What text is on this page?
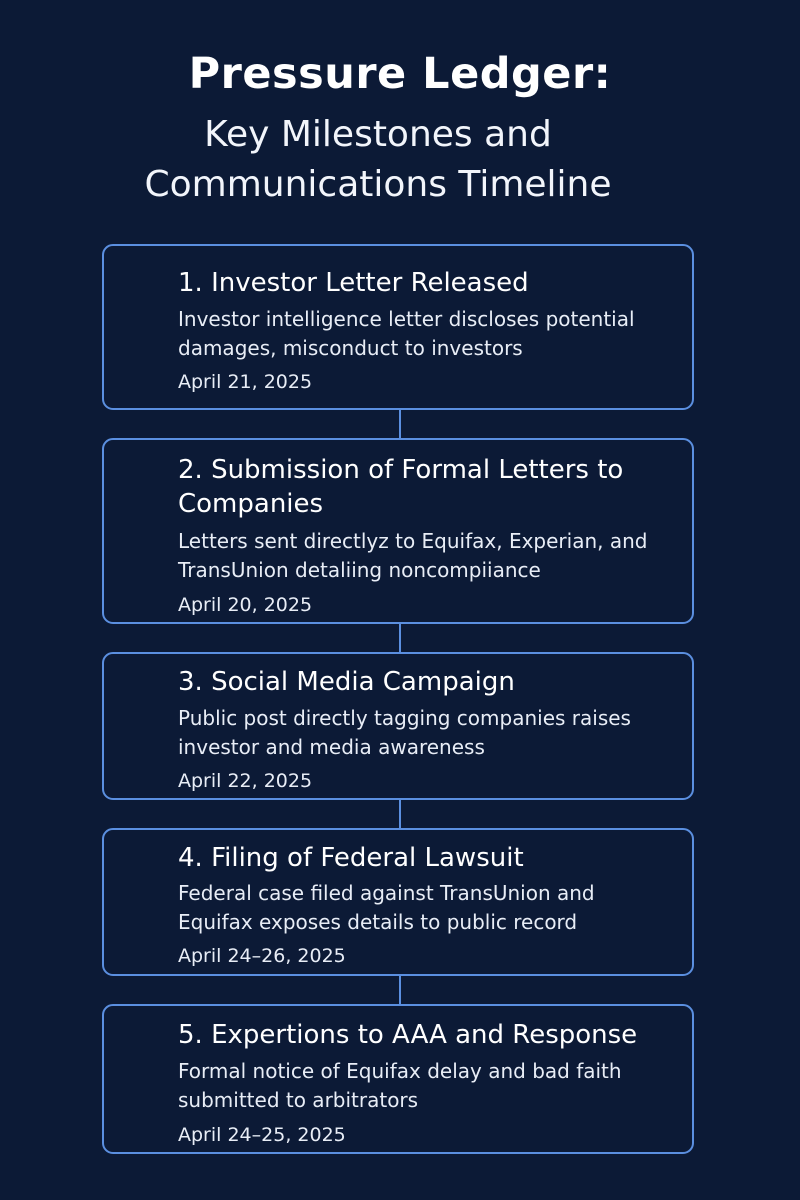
Pressure Ledger:
Key Milestones and
Communications Timeline
1. Investor Letter Released

Investor intelligence letter discloses potential damages, misconduct to investors

April 21, 2025

2. Submission of Formal Letters to Companies

Letters sent directlyz to Equifax, Experian, and TransUnion detaliing noncompiiance

April 20, 2025

3. Social Media Campaign

Public post directly tagging companies raises investor and media awareness

April 22, 2025

4. Filing of Federal Lawsuit

Federal case filed against TransUnion and Equifax exposes details to public record

April 24–26, 2025

5. Expertions to AAA and Response

Formal notice of Equifax delay and bad faith submitted to arbitrators

April 24–25, 2025
